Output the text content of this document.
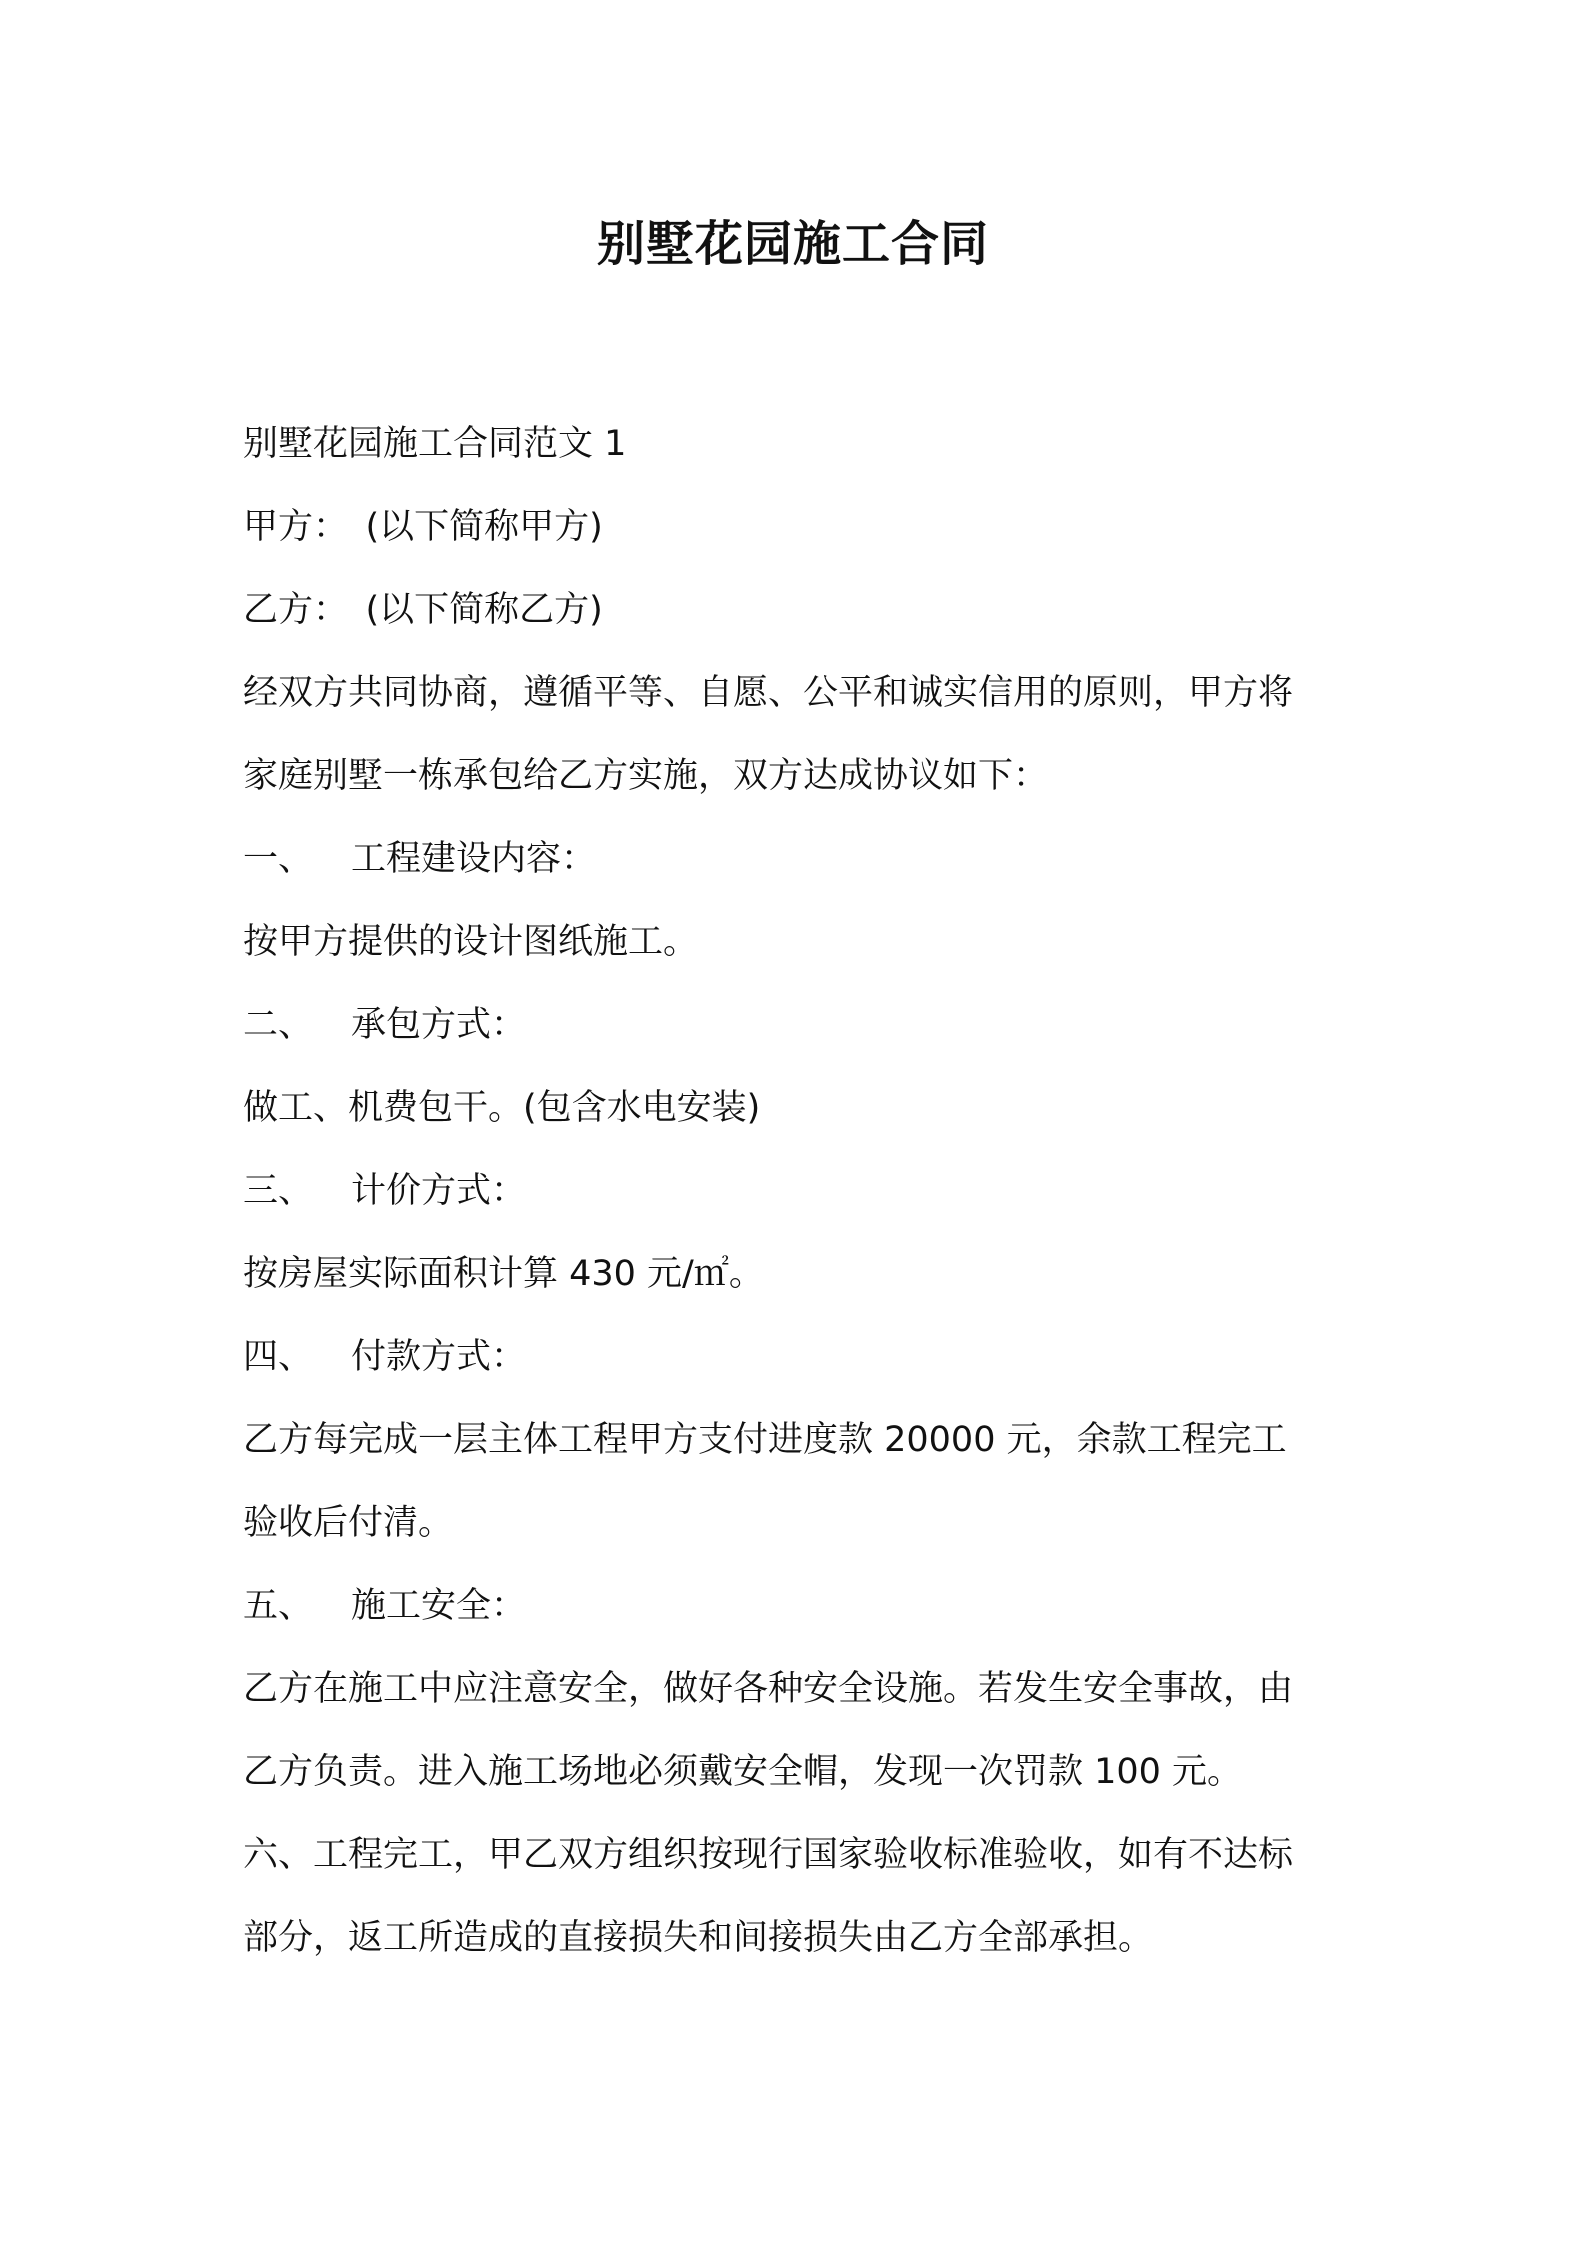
别墅花园施工合同
别墅花园施工合同范文 1
甲方：　(以下简称甲方)
乙方：　(以下简称乙方)
经双方共同协商，遵循平等、自愿、公平和诚实信用的原则，甲方将
家庭别墅一栋承包给乙方实施，双方达成协议如下：
一、 工程建设内容：
按甲方提供的设计图纸施工。
二、 承包方式：
做工、机费包干。(包含水电安装)
三、 计价方式：
按房屋实际面积计算 430 元/㎡。
四、 付款方式：
乙方每完成一层主体工程甲方支付进度款 20000 元，余款工程完工
验收后付清。
五、 施工安全：
乙方在施工中应注意安全，做好各种安全设施。若发生安全事故，由
乙方负责。进入施工场地必须戴安全帽，发现一次罚款 100 元。
六、工程完工，甲乙双方组织按现行国家验收标准验收，如有不达标
部分，返工所造成的直接损失和间接损失由乙方全部承担。
